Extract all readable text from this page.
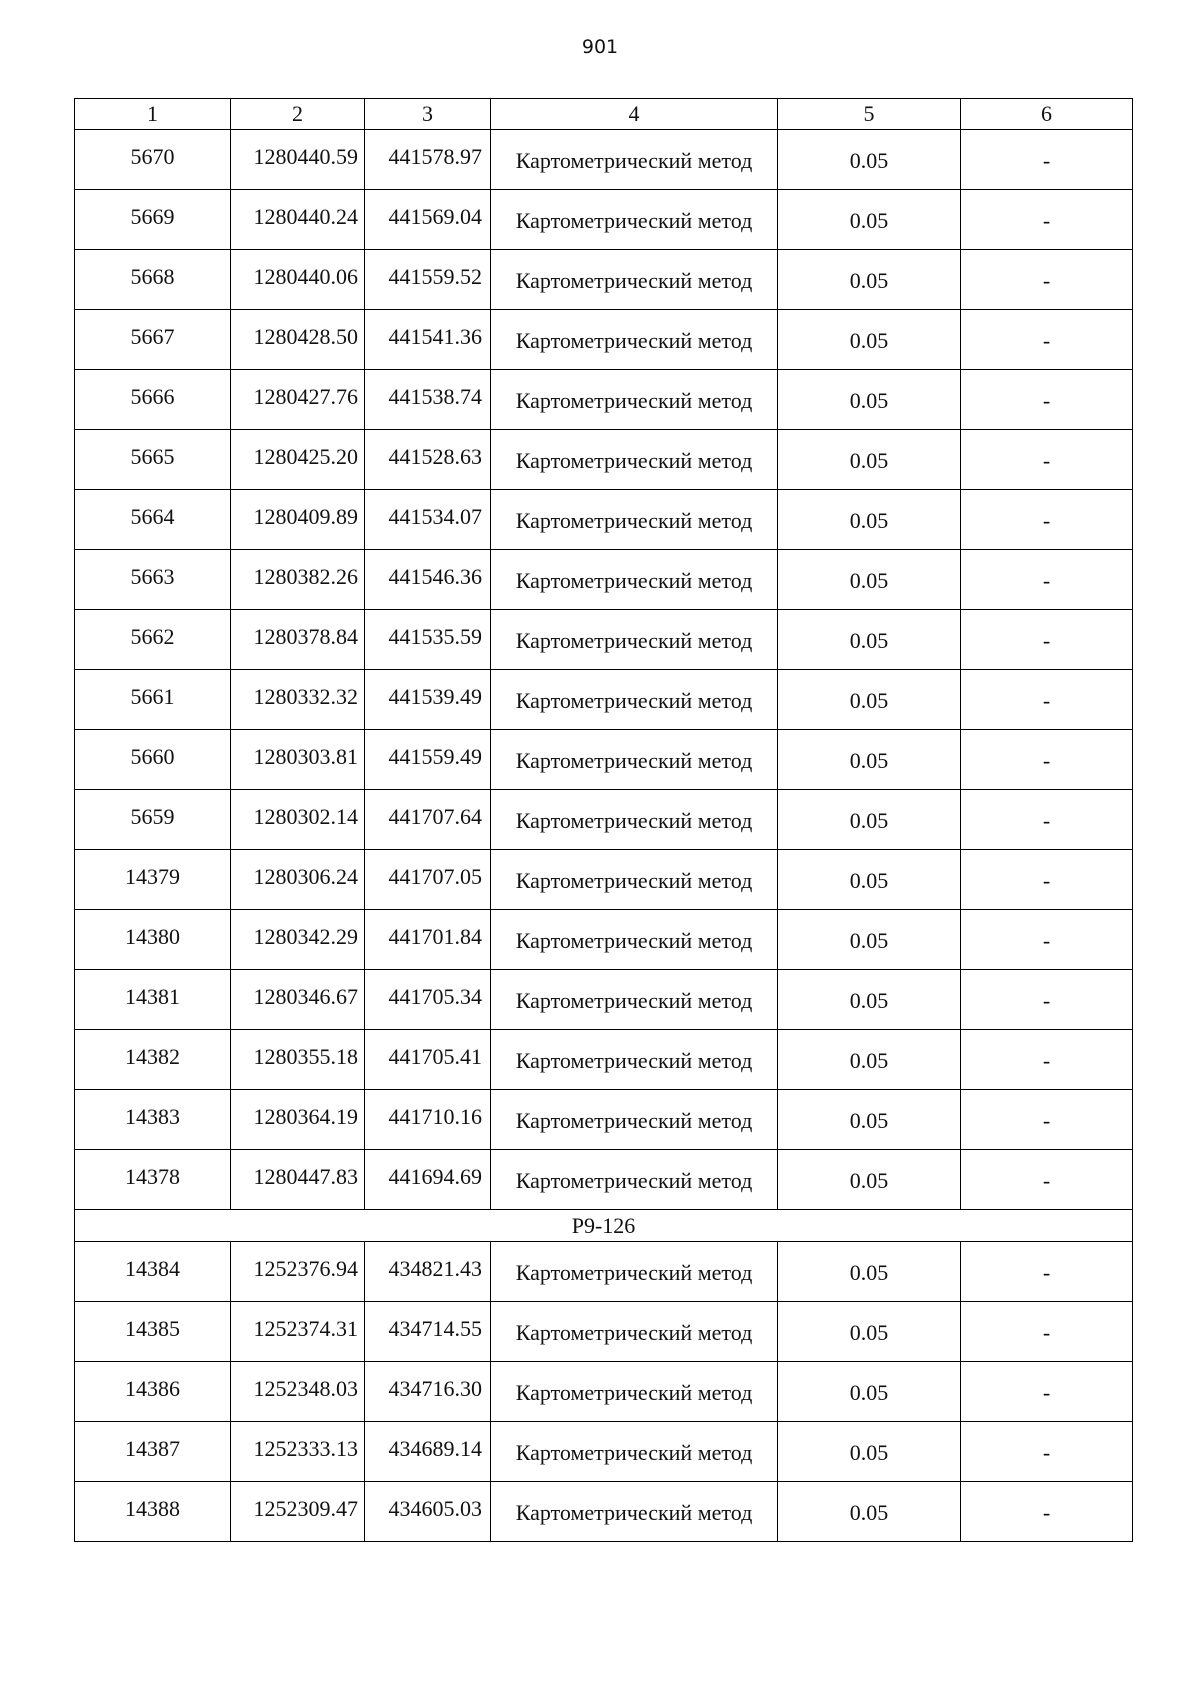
901
1	2	3	4	5	6
5670	1280440.59	441578.97	Картометрический метод	0.05	-
5669	1280440.24	441569.04	Картометрический метод	0.05	-
5668	1280440.06	441559.52	Картометрический метод	0.05	-
5667	1280428.50	441541.36	Картометрический метод	0.05	-
5666	1280427.76	441538.74	Картометрический метод	0.05	-
5665	1280425.20	441528.63	Картометрический метод	0.05	-
5664	1280409.89	441534.07	Картометрический метод	0.05	-
5663	1280382.26	441546.36	Картометрический метод	0.05	-
5662	1280378.84	441535.59	Картометрический метод	0.05	-
5661	1280332.32	441539.49	Картометрический метод	0.05	-
5660	1280303.81	441559.49	Картометрический метод	0.05	-
5659	1280302.14	441707.64	Картометрический метод	0.05	-
14379	1280306.24	441707.05	Картометрический метод	0.05	-
14380	1280342.29	441701.84	Картометрический метод	0.05	-
14381	1280346.67	441705.34	Картометрический метод	0.05	-
14382	1280355.18	441705.41	Картометрический метод	0.05	-
14383	1280364.19	441710.16	Картометрический метод	0.05	-
14378	1280447.83	441694.69	Картометрический метод	0.05	-
Р9-126					
14384	1252376.94	434821.43	Картометрический метод	0.05	-
14385	1252374.31	434714.55	Картометрический метод	0.05	-
14386	1252348.03	434716.30	Картометрический метод	0.05	-
14387	1252333.13	434689.14	Картометрический метод	0.05	-
14388	1252309.47	434605.03	Картометрический метод	0.05	-
